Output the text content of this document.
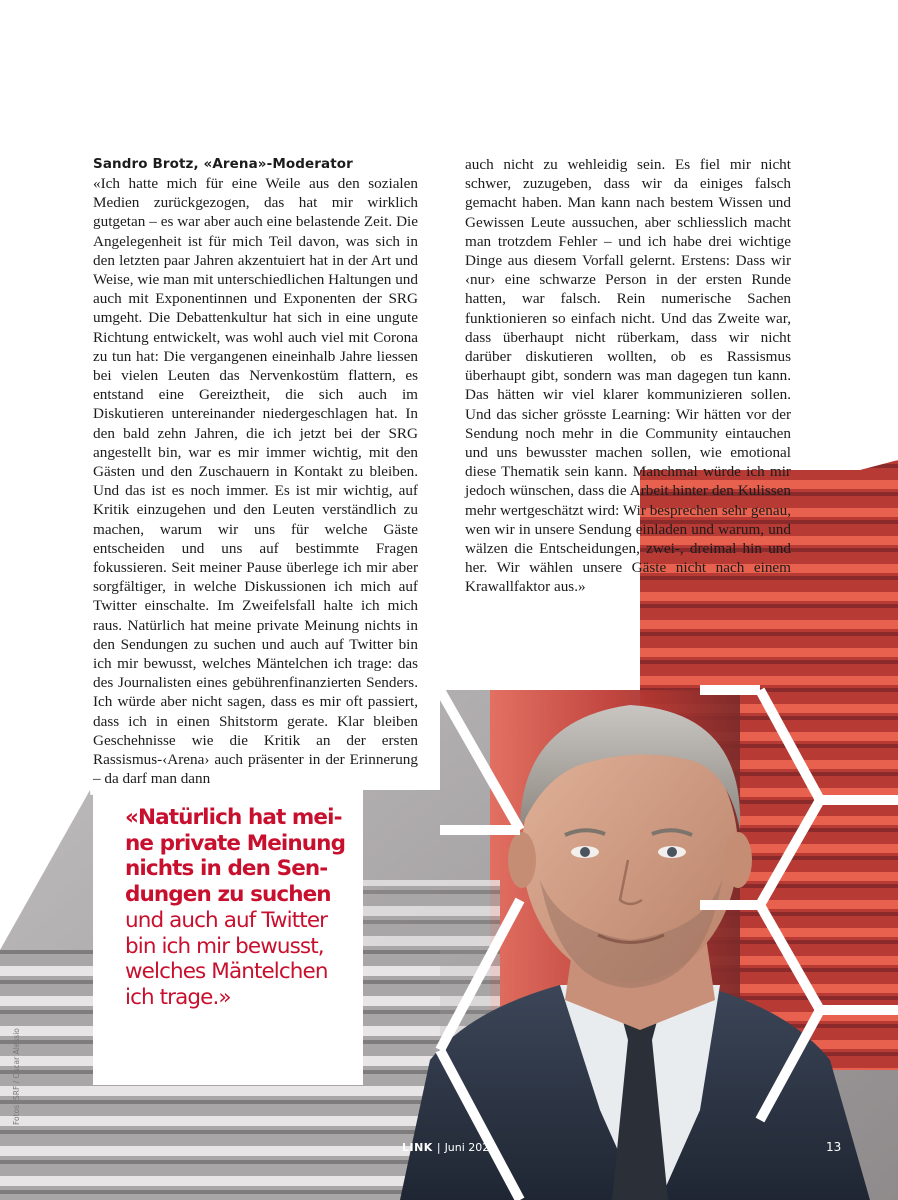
Sandro Brotz, «Arena»-Moderator

«Ich hatte mich für eine Weile aus den sozialen Medien zurückgezogen, das hat mir wirklich gutgetan – es war aber auch eine belastende Zeit. Die Angelegenheit ist für mich Teil davon, was sich in den letzten paar Jahren akzentuiert hat in der Art und Weise, wie man mit unterschiedlichen Haltungen und auch mit Exponentinnen und Exponenten der SRG umgeht. Die Debattenkultur hat sich in eine ungute Richtung entwickelt, was wohl auch viel mit Corona zu tun hat: Die vergangenen eineinhalb Jahre liessen bei vielen Leuten das Nervenkostüm flattern, es entstand eine Gereiztheit, die sich auch im Diskutieren untereinander niedergeschlagen hat. In den bald zehn Jahren, die ich jetzt bei der SRG angestellt bin, war es mir immer wichtig, mit den Gästen und den Zuschauern in Kontakt zu bleiben. Und das ist es noch immer. Es ist mir wichtig, auf Kritik einzugehen und den Leuten verständlich zu machen, warum wir uns für welche Gäste entscheiden und uns auf bestimmte Fragen fokussieren. Seit meiner Pause überlege ich mir aber sorgfältiger, in welche Diskussionen ich mich auf Twitter einschalte. Im Zweifelsfall halte ich mich raus. Natürlich hat meine private Meinung nichts in den Sendungen zu suchen und auch auf Twitter bin ich mir bewusst, welches Mäntelchen ich trage: das des Journalisten eines gebührenfinanzierten Senders. Ich würde aber nicht sagen, dass es mir oft passiert, dass ich in einen Shitstorm gerate. Klar bleiben Geschehnisse wie die Kritik an der ersten Rassismus-‹Arena› auch präsenter in der Erinnerung – da darf man dann

auch nicht zu wehleidig sein. Es fiel mir nicht schwer, zuzugeben, dass wir da einiges falsch gemacht haben. Man kann nach bestem Wissen und Gewissen Leute aussuchen, aber schliesslich macht man trotzdem Fehler – und ich habe drei wichtige Dinge aus diesem Vorfall gelernt. Erstens: Dass wir ‹nur› eine schwarze Person in der ersten Runde hatten, war falsch. Rein numerische Sachen funktionieren so einfach nicht. Und das Zweite war, dass überhaupt nicht rüberkam, dass wir nicht darüber diskutieren wollten, ob es Rassismus überhaupt gibt, sondern was man dagegen tun kann. Das hätten wir viel klarer kommunizieren sollen. Und das sicher grösste Learning: Wir hätten vor der Sendung noch mehr in die Community eintauchen und uns bewusster machen sollen, wie emotional diese Thematik sein kann. Manchmal würde ich mir jedoch wünschen, dass die Arbeit hinter den Kulissen mehr wertgeschätzt wird: Wir besprechen sehr genau, wen wir in unsere Sendung einladen und warum, und wälzen die Entscheidungen, zwei-, dreimal hin und her. Wir wählen unsere Gäste nicht nach einem Krawallfaktor aus.»

«Natürlich hat mei-
ne private Meinung
nichts in den Sen-
dungen zu suchen
und auch auf Twitter
bin ich mir bewusst,
welches Mäntelchen
ich trage.»
Fotos: SRF / Oscar Alessio
LINK | Juni 202	13
